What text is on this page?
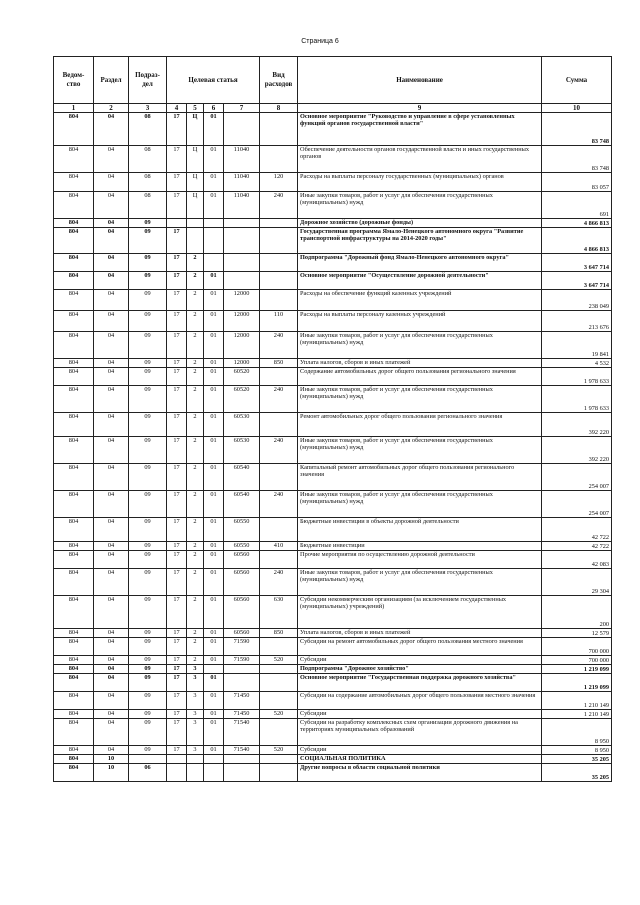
Страница 6
Ведом-ство	Раздел	Подраз-дел	Целевая статья				Вид расходов	Наименование	Сумма
1	2	3	4	5	6	7	8	9	10
804	04	08	17	Ц	01			Основное мероприятие "Руководство и управление в сфере установленных функций органов государственной власти"	83 748
804	04	08	17	Ц	01	11040		Обеспечение деятельности органов государственной власти и иных государственных органов	83 748
804	04	08	17	Ц	01	11040	120	Расходы на выплаты персоналу государственных (муниципальных) органов	83 057
804	04	08	17	Ц	01	11040	240	Иные закупки товаров, работ и услуг для обеспечения государственных (муниципальных) нужд	691
804	04	09						Дорожное хозяйство (дорожные фонды)	4 866 813
804	04	09	17					Государственная программа Ямало-Ненецкого автономного округа "Развитие транспортной инфраструктуры на 2014-2020 годы"	4 866 813
804	04	09	17	2				Подпрограмма "Дорожный фонд Ямало-Ненецкого автономного округа"	3 647 714
804	04	09	17	2	01			Основное мероприятие "Осуществление дорожной деятельности"	3 647 714
804	04	09	17	2	01	12000		Расходы на обеспечение функций казенных учреждений	238 049
804	04	09	17	2	01	12000	110	Расходы на выплаты персоналу казенных учреждений	213 676
804	04	09	17	2	01	12000	240	Иные закупки товаров, работ и услуг для обеспечения государственных (муниципальных) нужд	19 841
804	04	09	17	2	01	12000	850	Уплата налогов, сборов и иных платежей	4 532
804	04	09	17	2	01	60520		Содержание автомобильных дорог общего пользования регионального значения	1 978 633
804	04	09	17	2	01	60520	240	Иные закупки товаров, работ и услуг для обеспечения государственных (муниципальных) нужд	1 978 633
804	04	09	17	2	01	60530		Ремонт автомобильных дорог общего пользования регионального значения	392 220
804	04	09	17	2	01	60530	240	Иные закупки товаров, работ и услуг для обеспечения государственных (муниципальных) нужд	392 220
804	04	09	17	2	01	60540		Капитальный ремонт автомобильных дорог общего пользования регионального значения	254 007
804	04	09	17	2	01	60540	240	Иные закупки товаров, работ и услуг для обеспечения государственных (муниципальных) нужд	254 007
804	04	09	17	2	01	60550		Бюджетные инвестиции в объекты дорожной деятельности	42 722
804	04	09	17	2	01	60550	410	Бюджетные инвестиции	42 722
804	04	09	17	2	01	60560		Прочие мероприятия по осуществлению дорожной деятельности	42 083
804	04	09	17	2	01	60560	240	Иные закупки товаров, работ и услуг для обеспечения государственных (муниципальных) нужд	29 304
804	04	09	17	2	01	60560	630	Субсидии некоммерческим организациям (за исключением государственных (муниципальных) учреждений)	200
804	04	09	17	2	01	60560	850	Уплата налогов, сборов и иных платежей	12 579
804	04	09	17	2	01	71590		Субсидии на ремонт автомобильных дорог общего пользования местного значения	700 000
804	04	09	17	2	01	71590	520	Субсидии	700 000
804	04	09	17	3				Подпрограмма "Дорожное хозяйство"	1 219 099
804	04	09	17	3	01			Основное мероприятие "Государственная поддержка дорожного хозяйства"	1 219 099
804	04	09	17	3	01	71450		Субсидии на содержание автомобильных дорог общего пользования местного значения	1 210 149
804	04	09	17	3	01	71450	520	Субсидии	1 210 149
804	04	09	17	3	01	71540		Субсидии на разработку комплексных схем организации дорожного движения на территориях муниципальных образований	8 950
804	04	09	17	3	01	71540	520	Субсидии	8 950
804	10							СОЦИАЛЬНАЯ ПОЛИТИКА	35 205
804	10	06						Другие вопросы в области социальной политики	35 205
